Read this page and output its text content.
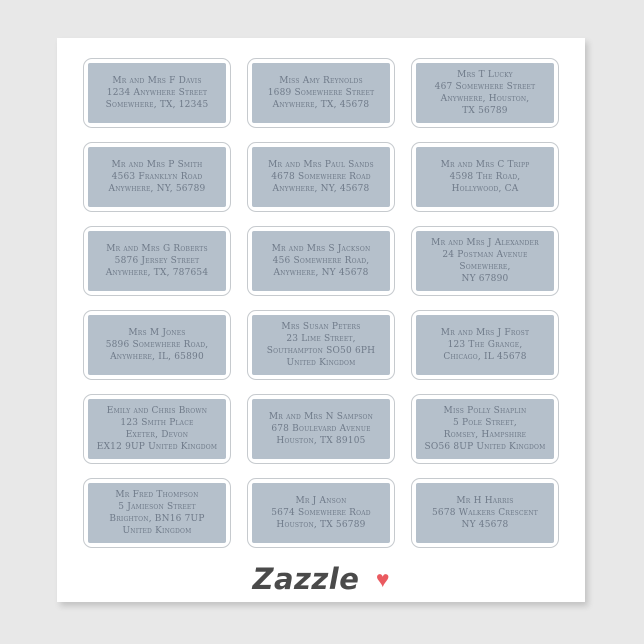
Mr and Mrs F Davis
1234 Anywhere Street
Somewhere, TX, 12345
Miss Amy Reynolds
1689 Somewhere Street
Anywhere, TX, 45678
Mrs T Lucky
467 Somewhere Street
Anywhere, Houston,
TX 56789
Mr and Mrs P Smith
4563 Franklyn Road
Anywhere, NY, 56789
Mr and Mrs Paul Sands
4678 Somewhere Road
Anywhere, NY, 45678
Mr and Mrs C Tripp
4598 The Road,
Hollywood, CA
Mr and Mrs G Roberts
5876 Jersey Street
Anywhere, TX, 787654
Mr and Mrs S Jackson
456 Somewhere Road,
Anywhere, NY 45678
Mr and Mrs J Alexander
24 Postman Avenue
Somewhere,
NY 67890
Mrs M Jones
5896 Somewhere Road,
Anywhere, IL, 65890
Mrs Susan Peters
23 Lime Street,
Southampton SO50 6PH
United Kingdom
Mr and Mrs J Frost
123 The Grange,
Chicago, IL 45678
Emily and Chris Brown
123 Smith Place
Exeter, Devon
EX12 9UP United Kingdom
Mr and Mrs N Sampson
678 Boulevard Avenue
Houston, TX 89105
Miss Polly Shaplin
5 Pole Street,
Romsey, Hampshire
SO56 8UP United Kingdom
Mr Fred Thompson
5 Jamieson Street
Brighton, BN16 7UP
United Kingdom
Mr J Anson
5674 Somewhere Road
Houston, TX 56789
Mr H Harris
5678 Walkers Crescent
NY 45678
Zazzle ♥
